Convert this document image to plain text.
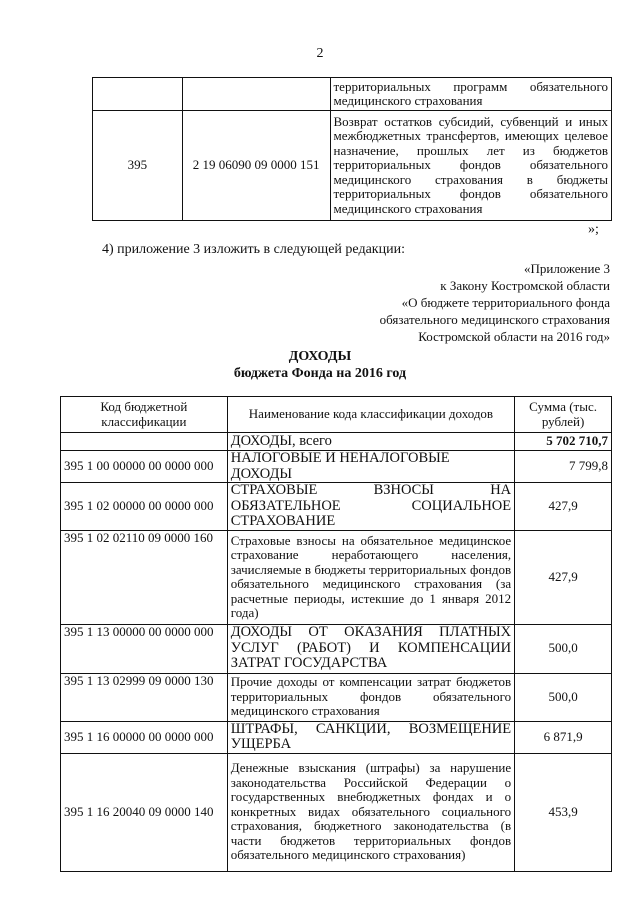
2
		территориальных программ обязательного медицинского страхования
395	2 19 06090 09 0000 151	Возврат остатков субсидий, субвенций и иных межбюджетных трансфертов, имеющих целевое назначение, прошлых лет из бюджетов территориальных фондов обязательного медицинского страхования в бюджеты территориальных фондов обязательного медицинского страхования
»;
4) приложение 3 изложить в следующей редакции:
«Приложение 3
к Закону Костромской области
«О бюджете территориального фонда
обязательного медицинского страхования
Костромской области на 2016 год»
ДОХОДЫ
бюджета Фонда на 2016 год
Код бюджетной классификации	Наименование кода классификации доходов	Сумма (тыс. рублей)
	ДОХОДЫ, всего	5 702 710,7
395 1 00 00000 00 0000 000	НАЛОГОВЫЕ И НЕНАЛОГОВЫЕ ДОХОДЫ	7 799,8
395 1 02 00000 00 0000 000	СТРАХОВЫЕ ВЗНОСЫ НА ОБЯЗАТЕЛЬНОЕ СОЦИАЛЬНОЕ СТРАХОВАНИЕ	427,9
395 1 02 02110 09 0000 160	Страховые взносы на обязательное медицинское страхование неработающего населения, зачисляемые в бюджеты территориальных фондов обязательного медицинского страхования (за расчетные периоды, истекшие до 1 января 2012 года)	427,9
395 1 13 00000 00 0000 000	ДОХОДЫ ОТ ОКАЗАНИЯ ПЛАТНЫХ УСЛУГ (РАБОТ) И КОМПЕНСАЦИИ ЗАТРАТ ГОСУДАРСТВА	500,0
395 1 13 02999 09 0000 130	Прочие доходы от компенсации затрат бюджетов территориальных фондов обязательного медицинского страхования	500,0
395 1 16 00000 00 0000 000	ШТРАФЫ, САНКЦИИ, ВОЗМЕЩЕНИЕ УЩЕРБА	6 871,9
395 1 16 20040 09 0000 140	Денежные взыскания (штрафы) за нарушение законодательства Российской Федерации о государственных внебюджетных фондах и о конкретных видах обязательного социального страхования, бюджетного законодательства (в части бюджетов территориальных фондов обязательного медицинского страхования)	453,9
